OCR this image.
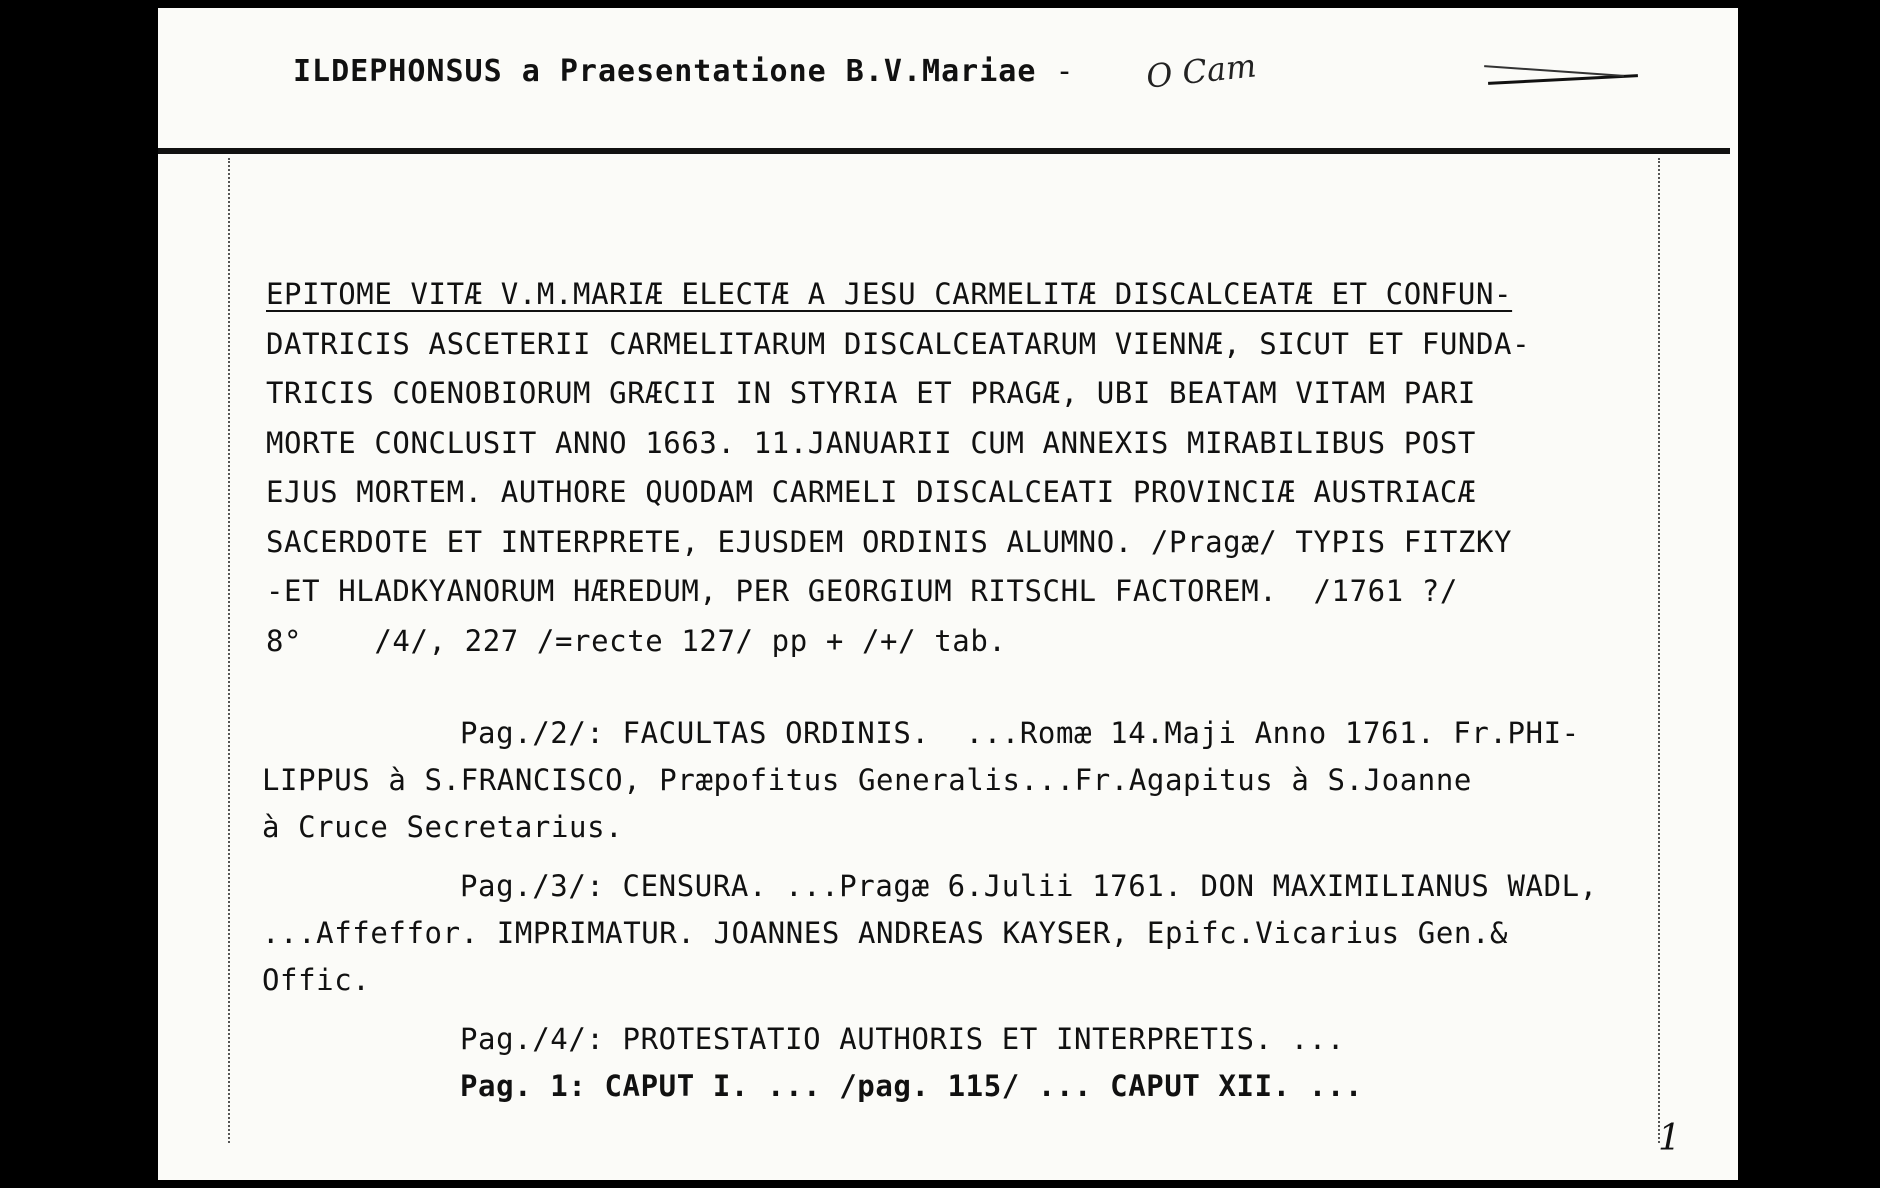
ILDEPHONSUS a Praesentatione B.V.Mariae - O Cam
EPITOME VITÆ V.M.MARIÆ ELECTÆ A JESU CARMELITÆ DISCALCEATÆ ET CONFUN-
DATRICIS ASCETERII CARMELITARUM DISCALCEATARUM VIENNÆ, SICUT ET FUNDA-
TRICIS COENOBIORUM GRÆCII IN STYRIA ET PRAGÆ, UBI BEATAM VITAM PARI
MORTE CONCLUSIT ANNO 1663. 11.JANUARII CUM ANNEXIS MIRABILIBUS POST
EJUS MORTEM. AUTHORE QUODAM CARMELI DISCALCEATI PROVINCIÆ AUSTRIACÆ
SACERDOTE ET INTERPRETE, EJUSDEM ORDINIS ALUMNO. /Pragæ/ TYPIS FITZKY
-ET HLADKYANORUM HÆREDUM, PER GEORGIUM RITSCHL FACTOREM.  /1761 ?/
8°    /4/, 227 /=recte 127/ pp + /+/ tab.
Pag./2/: FACULTAS ORDINIS.  ...Romæ 14.Maji Anno 1761. Fr.PHI-
LIPPUS à S.FRANCISCO, Præpofitus Generalis...Fr.Agapitus à S.Joanne
à Cruce Secretarius.
Pag./3/: CENSURA. ...Pragæ 6.Julii 1761. DON MAXIMILIANUS WADL,
...Affeffor. IMPRIMATUR. JOANNES ANDREAS KAYSER, Epifc.Vicarius Gen.&
Offic.
Pag./4/: PROTESTATIO AUTHORIS ET INTERPRETIS. ...
Pag. 1: CAPUT I. ... /pag. 115/ ... CAPUT XII. ...
1
